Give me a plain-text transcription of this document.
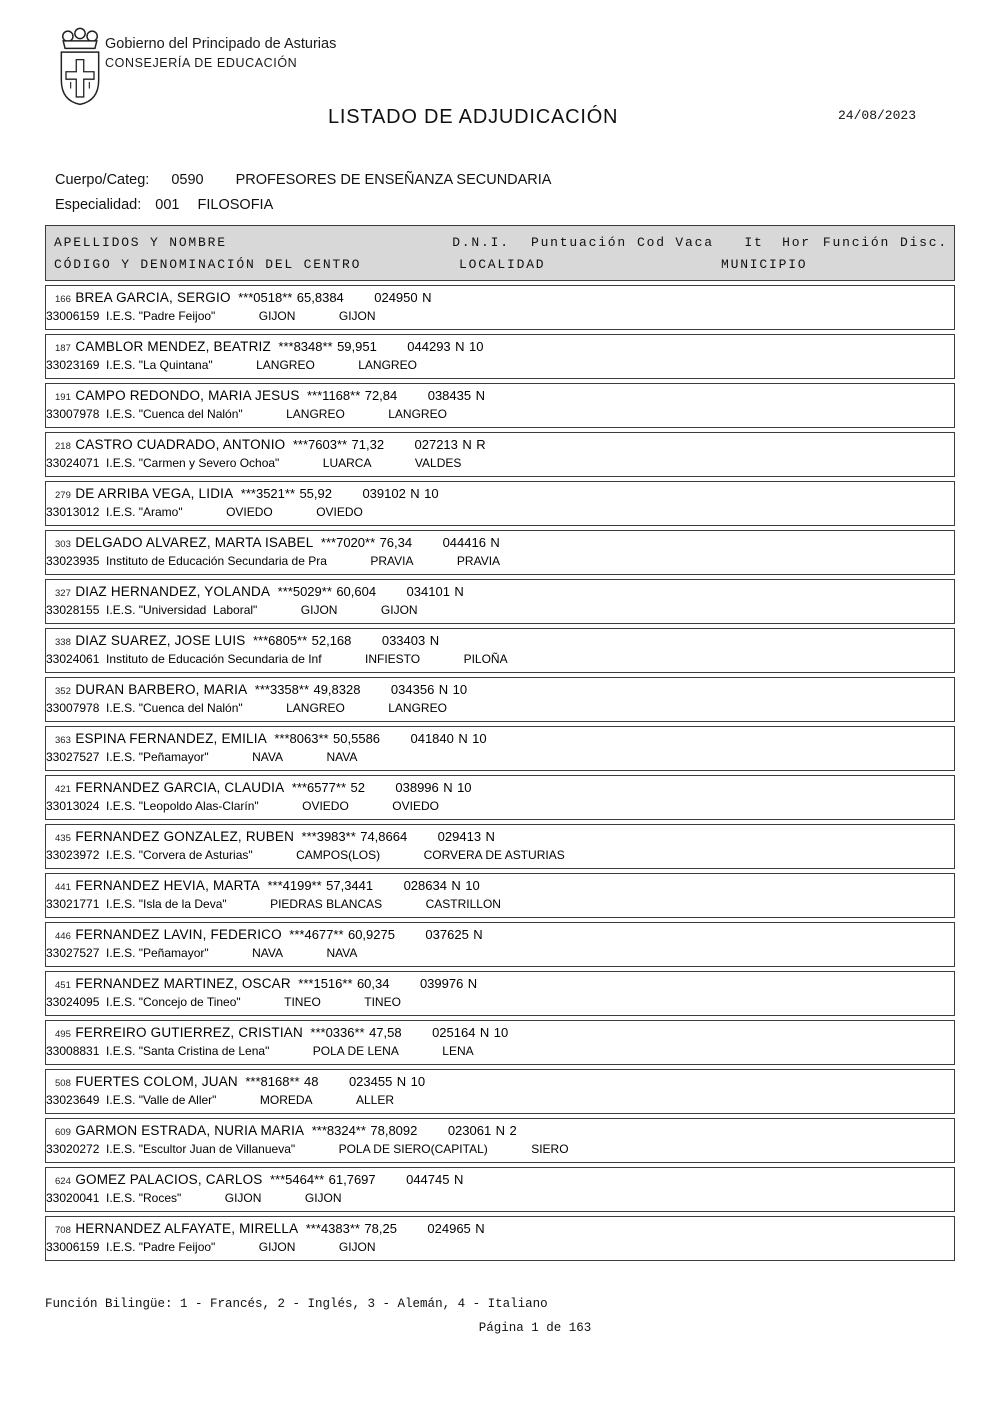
Gobierno del Principado de Asturias
CONSEJERÍA DE EDUCACIÓN
LISTADO DE ADJUDICACIÓN	24/08/2023
Cuerpo/Categ: 0590 PROFESORES DE ENSEÑANZA SECUNDARIA
Especialidad: 001 FILOSOFIA
APELLIDOS Y NOMBRE	D.N.I.	Puntuación Cod Vaca	It	Hor Función Disc.
CÓDIGO Y DENOMINACIÓN DEL CENTRO	LOCALIDAD	MUNICIPIO
166 BREA GARCIA, SERGIO ***0518** 65,8384 024950 N
33006159  I.E.S. "Padre Feijoo"	GIJON	GIJON
187 CAMBLOR MENDEZ, BEATRIZ ***8348** 59,951 044293 N 10
33023169  I.E.S. "La Quintana"	LANGREO	LANGREO
191 CAMPO REDONDO, MARIA JESUS ***1168** 72,84 038435 N
33007978  I.E.S. "Cuenca del Nalón"	LANGREO	LANGREO
218 CASTRO CUADRADO, ANTONIO ***7603** 71,32 027213 N R
33024071  I.E.S. "Carmen y Severo Ochoa"	LUARCA	VALDES
279 DE ARRIBA VEGA, LIDIA ***3521** 55,92 039102 N 10
33013012  I.E.S. "Aramo"	OVIEDO	OVIEDO
303 DELGADO ALVAREZ, MARTA ISABEL ***7020** 76,34 044416 N
33023935  Instituto de Educación Secundaria de Pra	PRAVIA	PRAVIA
327 DIAZ HERNANDEZ, YOLANDA ***5029** 60,604 034101 N
33028155  I.E.S. "Universidad  Laboral"	GIJON	GIJON
338 DIAZ SUAREZ, JOSE LUIS ***6805** 52,168 033403 N
33024061  Instituto de Educación Secundaria de Inf	INFIESTO	PILOÑA
352 DURAN BARBERO, MARIA ***3358** 49,8328 034356 N 10
33007978  I.E.S. "Cuenca del Nalón"	LANGREO	LANGREO
363 ESPINA FERNANDEZ, EMILIA ***8063** 50,5586 041840 N 10
33027527  I.E.S. "Peñamayor"	NAVA	NAVA
421 FERNANDEZ GARCIA, CLAUDIA ***6577** 52 038996 N 10
33013024  I.E.S. "Leopoldo Alas-Clarín"	OVIEDO	OVIEDO
435 FERNANDEZ GONZALEZ, RUBEN ***3983** 74,8664 029413 N
33023972  I.E.S. "Corvera de Asturias"	CAMPOS(LOS)	CORVERA DE ASTURIAS
441 FERNANDEZ HEVIA, MARTA ***4199** 57,3441 028634 N 10
33021771  I.E.S. "Isla de la Deva"	PIEDRAS BLANCAS	CASTRILLON
446 FERNANDEZ LAVIN, FEDERICO ***4677** 60,9275 037625 N
33027527  I.E.S. "Peñamayor"	NAVA	NAVA
451 FERNANDEZ MARTINEZ, OSCAR ***1516** 60,34 039976 N
33024095  I.E.S. "Concejo de Tineo"	TINEO	TINEO
495 FERREIRO GUTIERREZ, CRISTIAN ***0336** 47,58 025164 N 10
33008831  I.E.S. "Santa Cristina de Lena"	POLA DE LENA	LENA
508 FUERTES COLOM, JUAN ***8168** 48 023455 N 10
33023649  I.E.S. "Valle de Aller"	MOREDA	ALLER
609 GARMON ESTRADA, NURIA MARIA ***8324** 78,8092 023061 N 2
33020272  I.E.S. "Escultor Juan de Villanueva"	POLA DE SIERO(CAPITAL)	SIERO
624 GOMEZ PALACIOS, CARLOS ***5464** 61,7697 044745 N
33020041  I.E.S. "Roces"	GIJON	GIJON
708 HERNANDEZ ALFAYATE, MIRELLA ***4383** 78,25 024965 N
33006159  I.E.S. "Padre Feijoo"	GIJON	GIJON
Función Bilingüe: 1 - Francés, 2 - Inglés, 3 - Alemán, 4 - Italiano
Página 1 de 163
